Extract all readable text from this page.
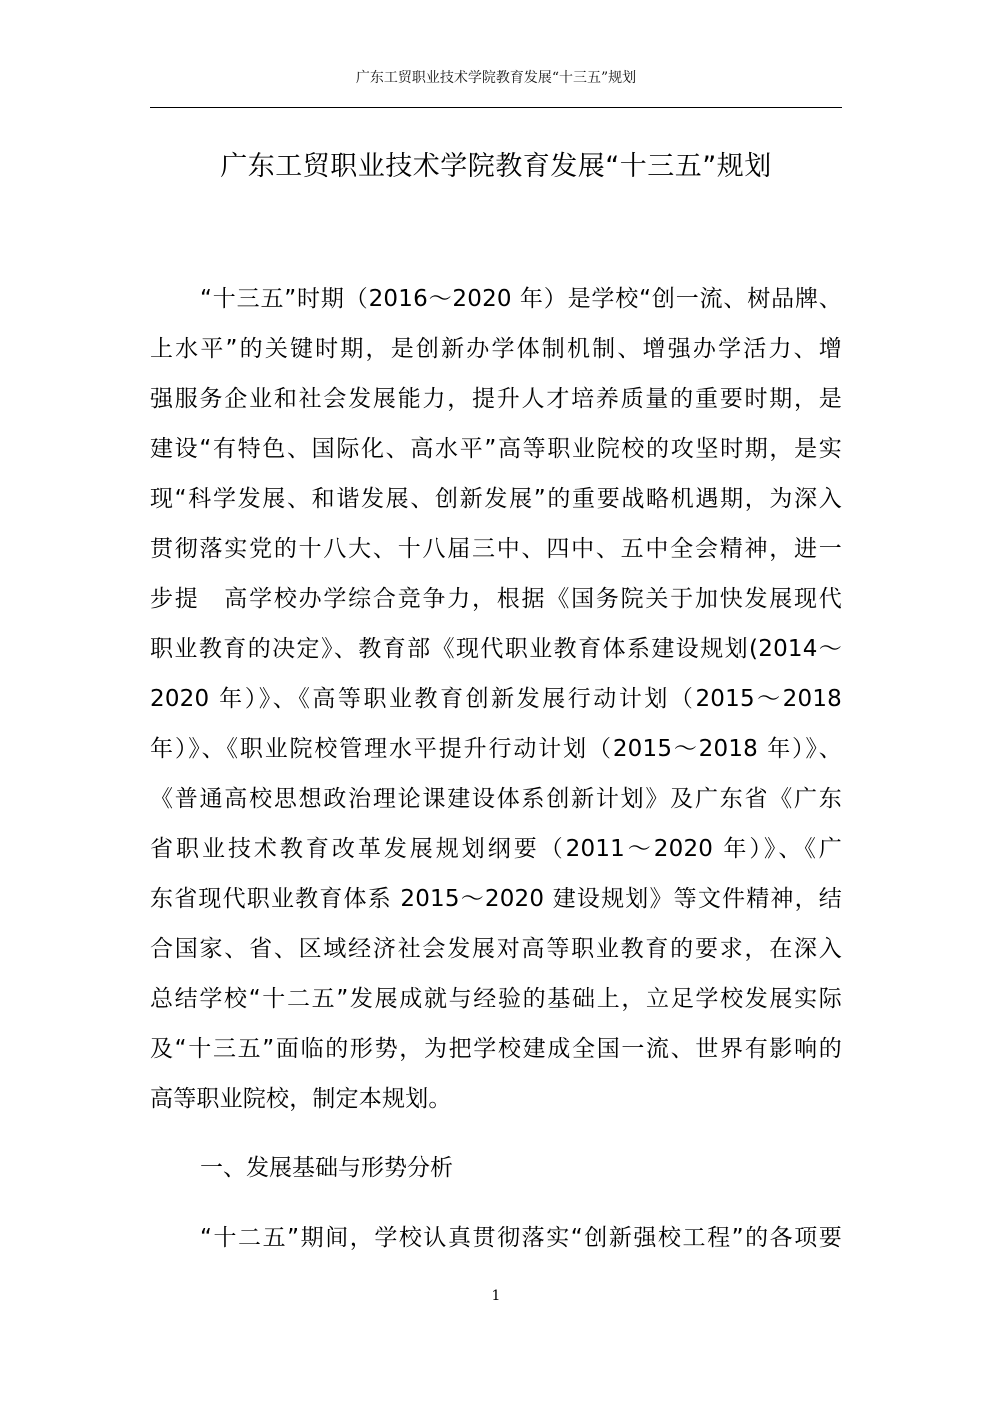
广东工贸职业技术学院教育发展“十三五”规划
广东工贸职业技术学院教育发展“十三五”规划
“十三五”时期（2016～2020 年）是学校“创一流、树品牌、
上水平”的关键时期，是创新办学体制机制、增强办学活力、增
强服务企业和社会发展能力，提升人才培养质量的重要时期，是
建设“有特色、国际化、高水平”高等职业院校的攻坚时期，是实
现“科学发展、和谐发展、创新发展”的重要战略机遇期，为深入
贯彻落实党的十八大、十八届三中、四中、五中全会精神，进一
步提　高学校办学综合竞争力，根据《国务院关于加快发展现代
职业教育的决定》、教育部《现代职业教育体系建设规划(2014～
2020 年）》、《高等职业教育创新发展行动计划（2015～2018
年）》、《职业院校管理水平提升行动计划（2015～2018 年）》、
《普通高校思想政治理论课建设体系创新计划》及广东省《广东
省职业技术教育改革发展规划纲要（2011～2020 年）》、《广
东省现代职业教育体系 2015～2020 建设规划》等文件精神，结
合国家、省、区域经济社会发展对高等职业教育的要求，在深入
总结学校“十二五”发展成就与经验的基础上，立足学校发展实际
及“十三五”面临的形势，为把学校建成全国一流、世界有影响的
高等职业院校，制定本规划。
一、发展基础与形势分析
“十二五”期间，学校认真贯彻落实“创新强校工程”的各项要
1
